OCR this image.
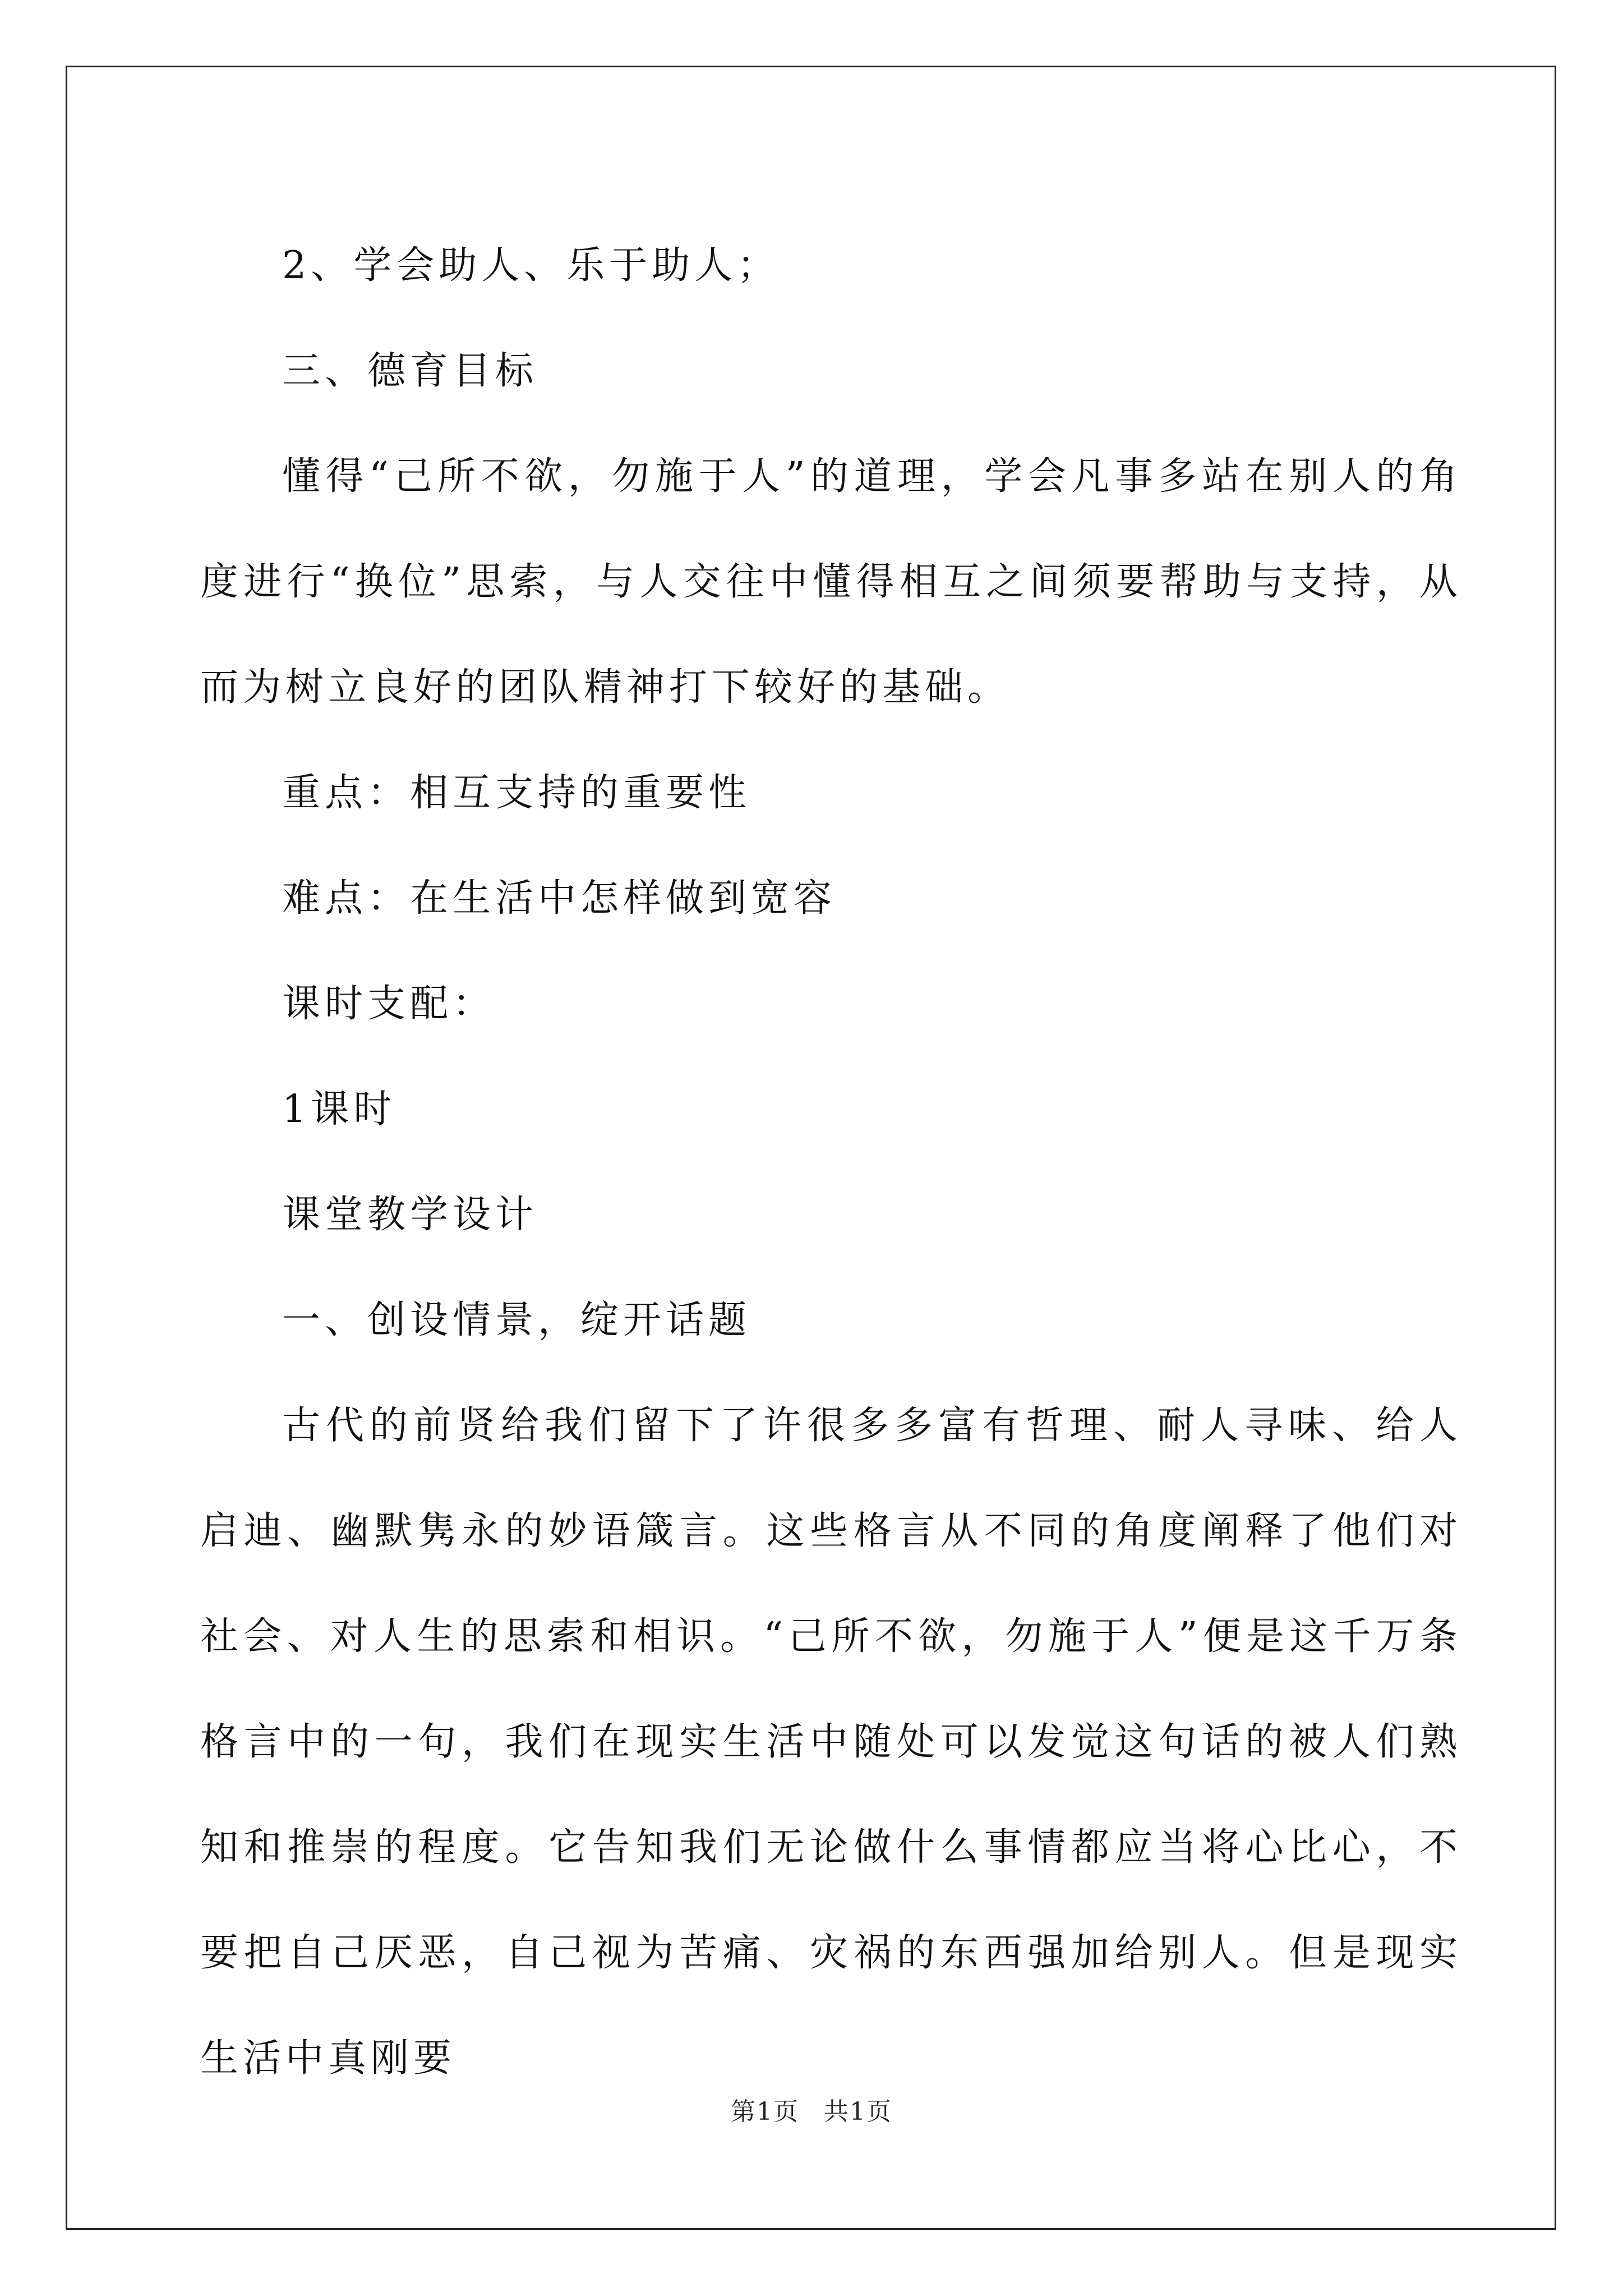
2、学会助人、乐于助人；

三、德育目标

懂得“己所不欲，勿施于人”的道理，学会凡事多站在别人的角度进行“换位”思索，与人交往中懂得相互之间须要帮助与支持，从而为树立良好的团队精神打下较好的基础。

重点：相互支持的重要性

难点：在生活中怎样做到宽容

课时支配：

1课时

课堂教学设计

一、创设情景，绽开话题

古代的前贤给我们留下了许很多多富有哲理、耐人寻味、给人启迪、幽默隽永的妙语箴言。这些格言从不同的角度阐释了他们对社会、对人生的思索和相识。“己所不欲，勿施于人”便是这千万条格言中的一句，我们在现实生活中随处可以发觉这句话的被人们熟知和推崇的程度。它告知我们无论做什么事情都应当将心比心，不要把自己厌恶，自己视为苦痛、灾祸的东西强加给别人。但是现实生活中真刚要

第1页 共1页
